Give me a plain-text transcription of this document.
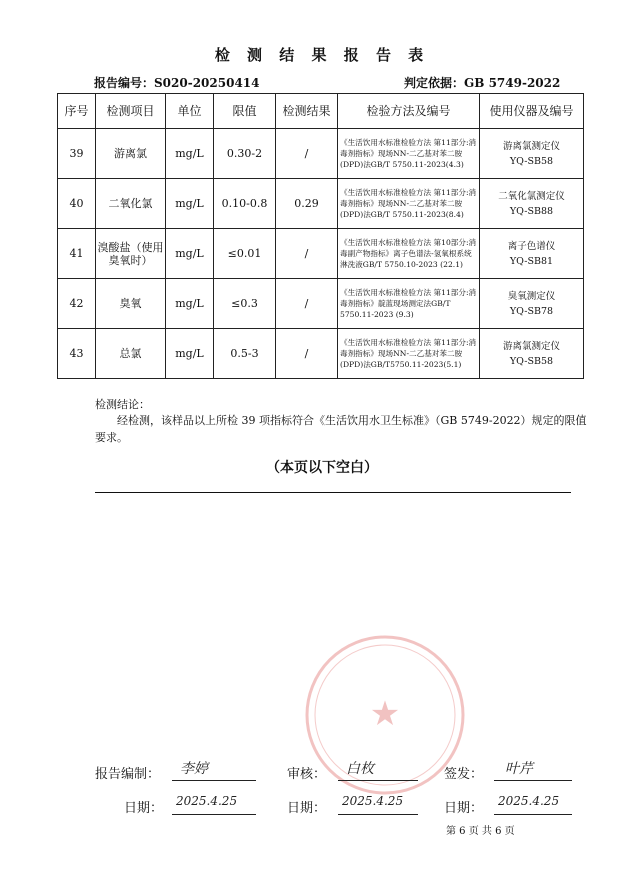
检 测 结 果 报 告 表
报告编号：S020-20250414	判定依据：GB 5749-2022
序号	检测项目	单位	限值	检测结果	检验方法及编号	使用仪器及编号
39	游离氯	mg/L	0.30-2	/	《生活饮用水标准检验方法 第11部分:消毒剂指标》现场NN-二乙基对苯二胺(DPD)法GB/T 5750.11-2023(4.3)	游离氯测定仪
YQ-SB58
40	二氧化氯	mg/L	0.10-0.8	0.29	《生活饮用水标准检验方法 第11部分:消毒剂指标》现场NN-二乙基对苯二胺(DPD)法GB/T 5750.11-2023(8.4)	二氧化氯测定仪
YQ-SB88
41	溴酸盐（使用臭氧时）	mg/L	≤0.01	/	《生活饮用水标准检验方法 第10部分:消毒副产物指标》离子色谱法-氢氧根系统淋洗液GB/T 5750.10-2023 (22.1)	离子色谱仪
YQ-SB81
42	臭氧	mg/L	≤0.3	/	《生活饮用水标准检验方法 第11部分:消毒剂指标》靛蓝现场测定法GB/T 5750.11-2023 (9.3)	臭氧测定仪
YQ-SB78
43	总氯	mg/L	0.5-3	/	《生活饮用水标准检验方法 第11部分:消毒剂指标》现场NN-二乙基对苯二胺(DPD)法GB/T5750.11-2023(5.1)	游离氯测定仪
YQ-SB58
检测结论：
经检测，该样品以上所检 39 项指标符合《生活饮用水卫生标准》（GB 5749-2022）规定的限值要求。
（本页以下空白）
★
报告编制： 李婷	审核： 白枚	签发： 叶芹
日期： 2025.4.25	日期： 2025.4.25	日期： 2025.4.25
第 6 页 共 6 页
